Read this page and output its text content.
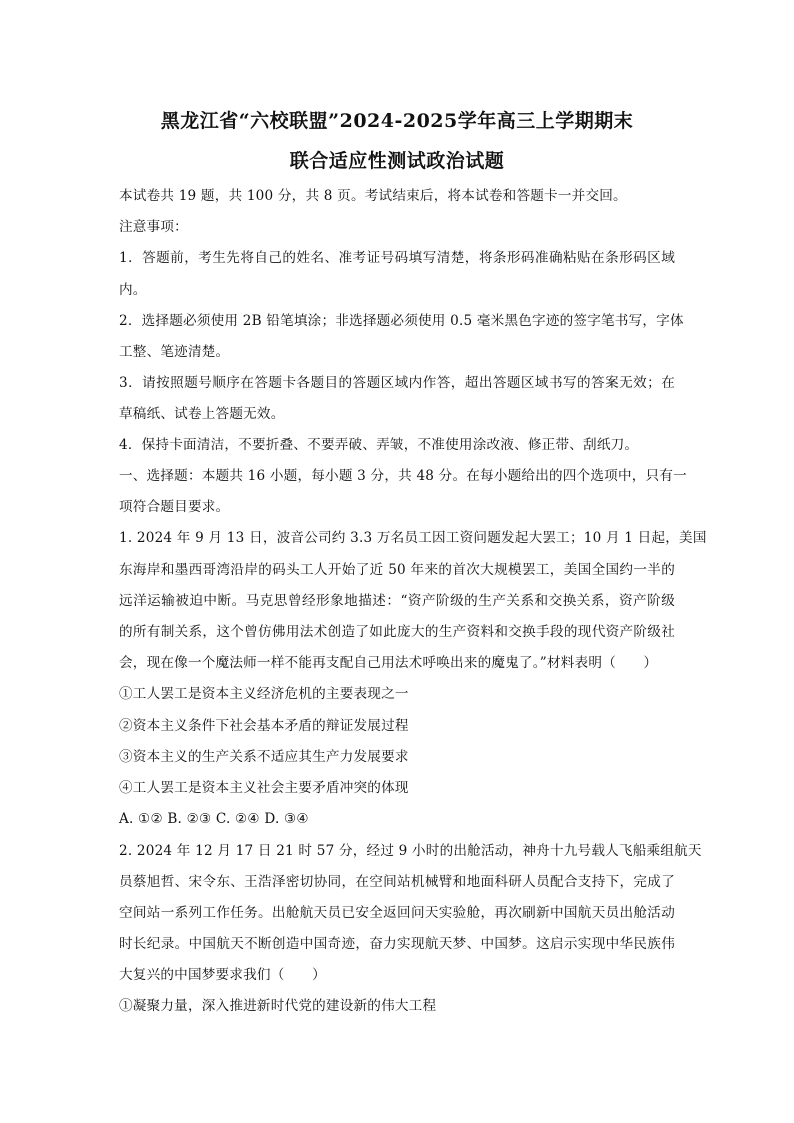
黑龙江省“六校联盟”2024-2025学年高三上学期期末
联合适应性测试政治试题
本试卷共 19 题，共 100 分，共 8 页。考试结束后，将本试卷和答题卡一并交回。
注意事项：
1．答题前，考生先将自己的姓名、准考证号码填写清楚，将条形码准确粘贴在条形码区域
内。
2．选择题必须使用 2B 铅笔填涂；非选择题必须使用 0.5 毫米黑色字迹的签字笔书写，字体
工整、笔迹清楚。
3．请按照题号顺序在答题卡各题目的答题区域内作答，超出答题区域书写的答案无效；在
草稿纸、试卷上答题无效。
4．保持卡面清洁，不要折叠、不要弄破、弄皱，不准使用涂改液、修正带、刮纸刀。
一、选择题：本题共 16 小题，每小题 3 分，共 48 分。在每小题给出的四个选项中，只有一
项符合题目要求。
1. 2024 年 9 月 13 日，波音公司约 3.3 万名员工因工资问题发起大罢工；10 月 1 日起，美国
东海岸和墨西哥湾沿岸的码头工人开始了近 50 年来的首次大规模罢工，美国全国约一半的
远洋运输被迫中断。马克思曾经形象地描述：“资产阶级的生产关系和交换关系，资产阶级
的所有制关系，这个曾仿佛用法术创造了如此庞大的生产资料和交换手段的现代资产阶级社
会，现在像一个魔法师一样不能再支配自己用法术呼唤出来的魔鬼了。”材料表明（　　）
①工人罢工是资本主义经济危机的主要表现之一
②资本主义条件下社会基本矛盾的辩证发展过程
③资本主义的生产关系不适应其生产力发展要求
④工人罢工是资本主义社会主要矛盾冲突的体现
A. ①② B. ②③ C. ②④ D. ③④
2. 2024 年 12 月 17 日 21 时 57 分，经过 9 小时的出舱活动，神舟十九号载人飞船乘组航天
员蔡旭哲、宋令东、王浩泽密切协同，在空间站机械臂和地面科研人员配合支持下，完成了
空间站一系列工作任务。出舱航天员已安全返回问天实验舱，再次刷新中国航天员出舱活动
时长纪录。中国航天不断创造中国奇迹，奋力实现航天梦、中国梦。这启示实现中华民族伟
大复兴的中国梦要求我们（　　）
①凝聚力量，深入推进新时代党的建设新的伟大工程
